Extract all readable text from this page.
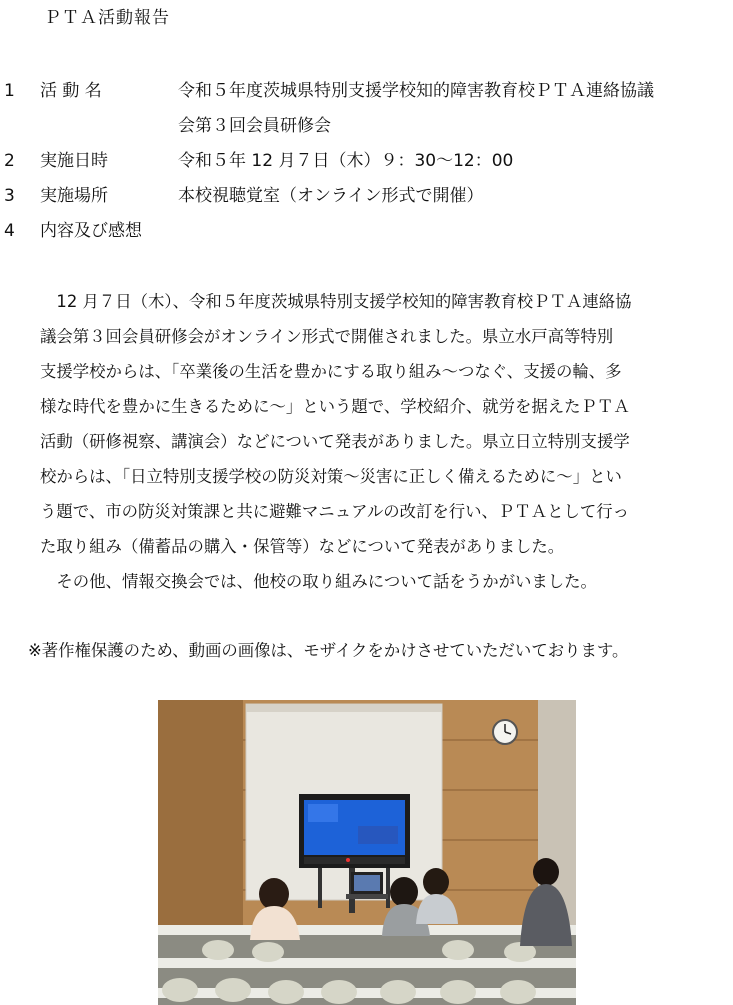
ＰＴＡ活動報告
1 活 動 名	令和５年度茨城県特別支援学校知的障害教育校ＰＴＡ連絡協議
会第３回会員研修会
2 実施日時	令和５年 12 月７日（木）９：30〜12：00
3 実施場所	本校視聴覚室（オンライン形式で開催）
4 内容及び感想
　12 月７日（木）、令和５年度茨城県特別支援学校知的障害教育校ＰＴＡ連絡協
議会第３回会員研修会がオンライン形式で開催されました。県立水戸高等特別
支援学校からは、「卒業後の生活を豊かにする取り組み〜つなぐ、支援の輪、多
様な時代を豊かに生きるために〜」という題で、学校紹介、就労を据えたＰＴＡ
活動（研修視察、講演会）などについて発表がありました。県立日立特別支援学
校からは、「日立特別支援学校の防災対策〜災害に正しく備えるために〜」とい
う題で、市の防災対策課と共に避難マニュアルの改訂を行い、ＰＴＡとして行っ
た取り組み（備蓄品の購入・保管等）などについて発表がありました。
　その他、情報交換会では、他校の取り組みについて話をうかがいました。
※著作権保護のため、動画の画像は、モザイクをかけさせていただいております。
